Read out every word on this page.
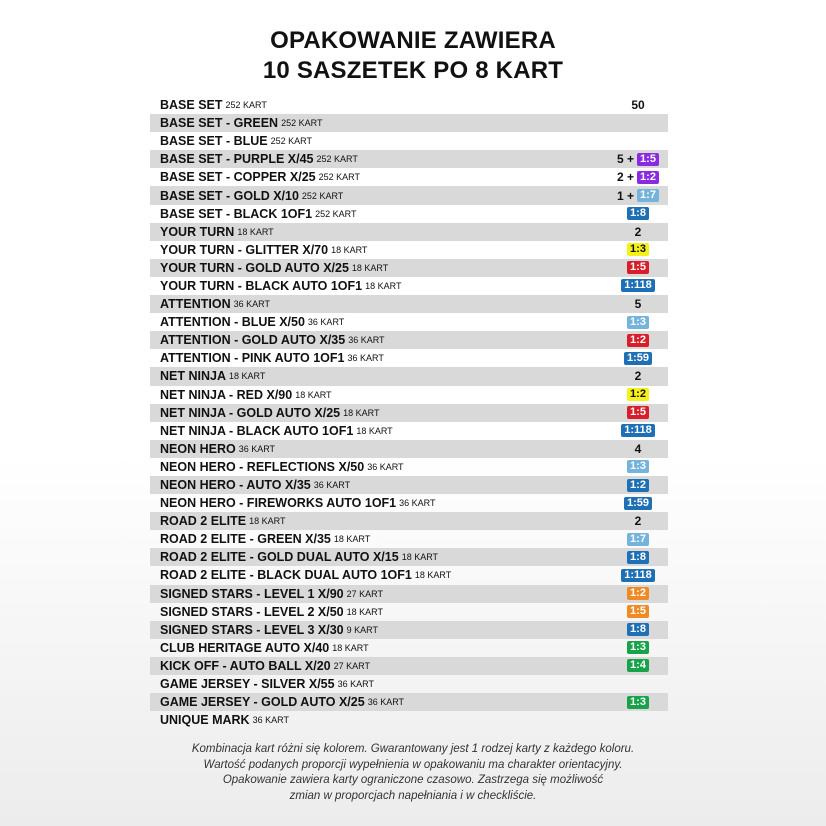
OPAKOWANIE ZAWIERA
10 SASZETEK PO 8 KART
BASE SET 252 KART	50
BASE SET - GREEN 252 KART
BASE SET - BLUE 252 KART
BASE SET - PURPLE X/45 252 KART	5 + 1:5
BASE SET - COPPER X/25 252 KART	2 + 1:2
BASE SET - GOLD X/10 252 KART	1 + 1:7
BASE SET - BLACK 1OF1 252 KART	1:8
YOUR TURN 18 KART	2
YOUR TURN - GLITTER X/70 18 KART	1:3
YOUR TURN - GOLD AUTO X/25 18 KART	1:5
YOUR TURN - BLACK AUTO 1OF1 18 KART	1:118
ATTENTION 36 KART	5
ATTENTION - BLUE X/50 36 KART	1:3
ATTENTION - GOLD AUTO X/35 36 KART	1:2
ATTENTION - PINK AUTO 1OF1 36 KART	1:59
NET NINJA 18 KART	2
NET NINJA - RED X/90 18 KART	1:2
NET NINJA - GOLD AUTO X/25 18 KART	1:5
NET NINJA - BLACK AUTO 1OF1 18 KART	1:118
NEON HERO 36 KART	4
NEON HERO - REFLECTIONS X/50 36 KART	1:3
NEON HERO - AUTO X/35 36 KART	1:2
NEON HERO - FIREWORKS AUTO 1OF1 36 KART	1:59
ROAD 2 ELITE 18 KART	2
ROAD 2 ELITE - GREEN X/35 18 KART	1:7
ROAD 2 ELITE - GOLD DUAL AUTO X/15 18 KART	1:8
ROAD 2 ELITE - BLACK DUAL AUTO 1OF1 18 KART	1:118
SIGNED STARS - LEVEL 1 X/90 27 KART	1:2
SIGNED STARS - LEVEL 2 X/50 18 KART	1:5
SIGNED STARS - LEVEL 3 X/30 9 KART	1:8
CLUB HERITAGE AUTO X/40 18 KART	1:3
KICK OFF - AUTO BALL X/20 27 KART	1:4
GAME JERSEY - SILVER X/55 36 KART
GAME JERSEY - GOLD AUTO X/25 36 KART	1:3
UNIQUE MARK 36 KART
Kombinacja kart różni się kolorem. Gwarantowany jest 1 rodzej karty z każdego koloru.
Wartość podanych proporcji wypełnienia w opakowaniu ma charakter orientacyjny.
Opakowanie zawiera karty ograniczone czasowo. Zastrzega się możliwość
zmian w proporcjach napełniania i w checkliście.
